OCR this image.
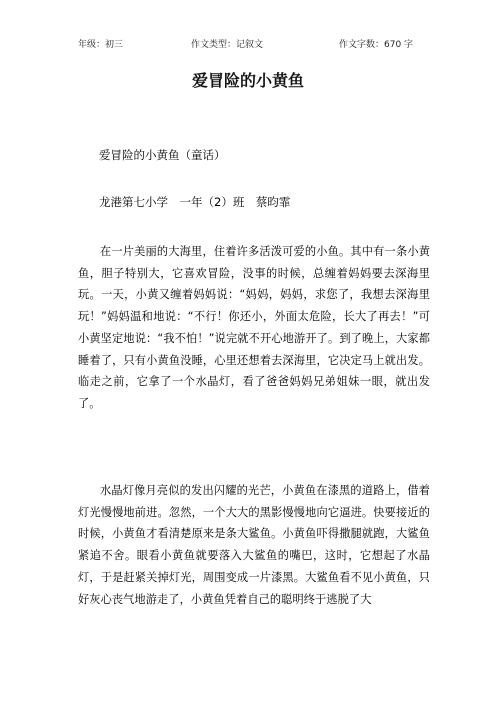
年级：初三	作文类型：记叙文	作文字数：670 字
爱冒险的小黄鱼
爱冒险的小黄鱼（童话）
龙港第七小学　一年（2）班　蔡昀霏

在一片美丽的大海里，住着许多活泼可爱的小鱼。其中有一条小黄鱼，胆子特别大，它喜欢冒险，没事的时候，总缠着妈妈要去深海里玩。一天，小黄又缠着妈妈说：“妈妈，妈妈，求您了，我想去深海里玩！”妈妈温和地说：“不行！你还小，外面太危险，长大了再去！”可小黄坚定地说：“我不怕！”说完就不开心地游开了。到了晚上，大家都睡着了，只有小黄鱼没睡，心里还想着去深海里，它决定马上就出发。临走之前，它拿了一个水晶灯，看了爸爸妈妈兄弟姐妹一眼，就出发了。

水晶灯像月亮似的发出闪耀的光芒，小黄鱼在漆黑的道路上，借着灯光慢慢地前进。忽然，一个大大的黑影慢慢地向它逼进。快要接近的时候，小黄鱼才看清楚原来是条大鲨鱼。小黄鱼吓得撒腿就跑，大鲨鱼紧追不舍。眼看小黄鱼就要落入大鲨鱼的嘴巴，这时，它想起了水晶灯，于是赶紧关掉灯光，周围变成一片漆黑。大鲨鱼看不见小黄鱼，只好灰心丧气地游走了，小黄鱼凭着自己的聪明终于逃脱了大
